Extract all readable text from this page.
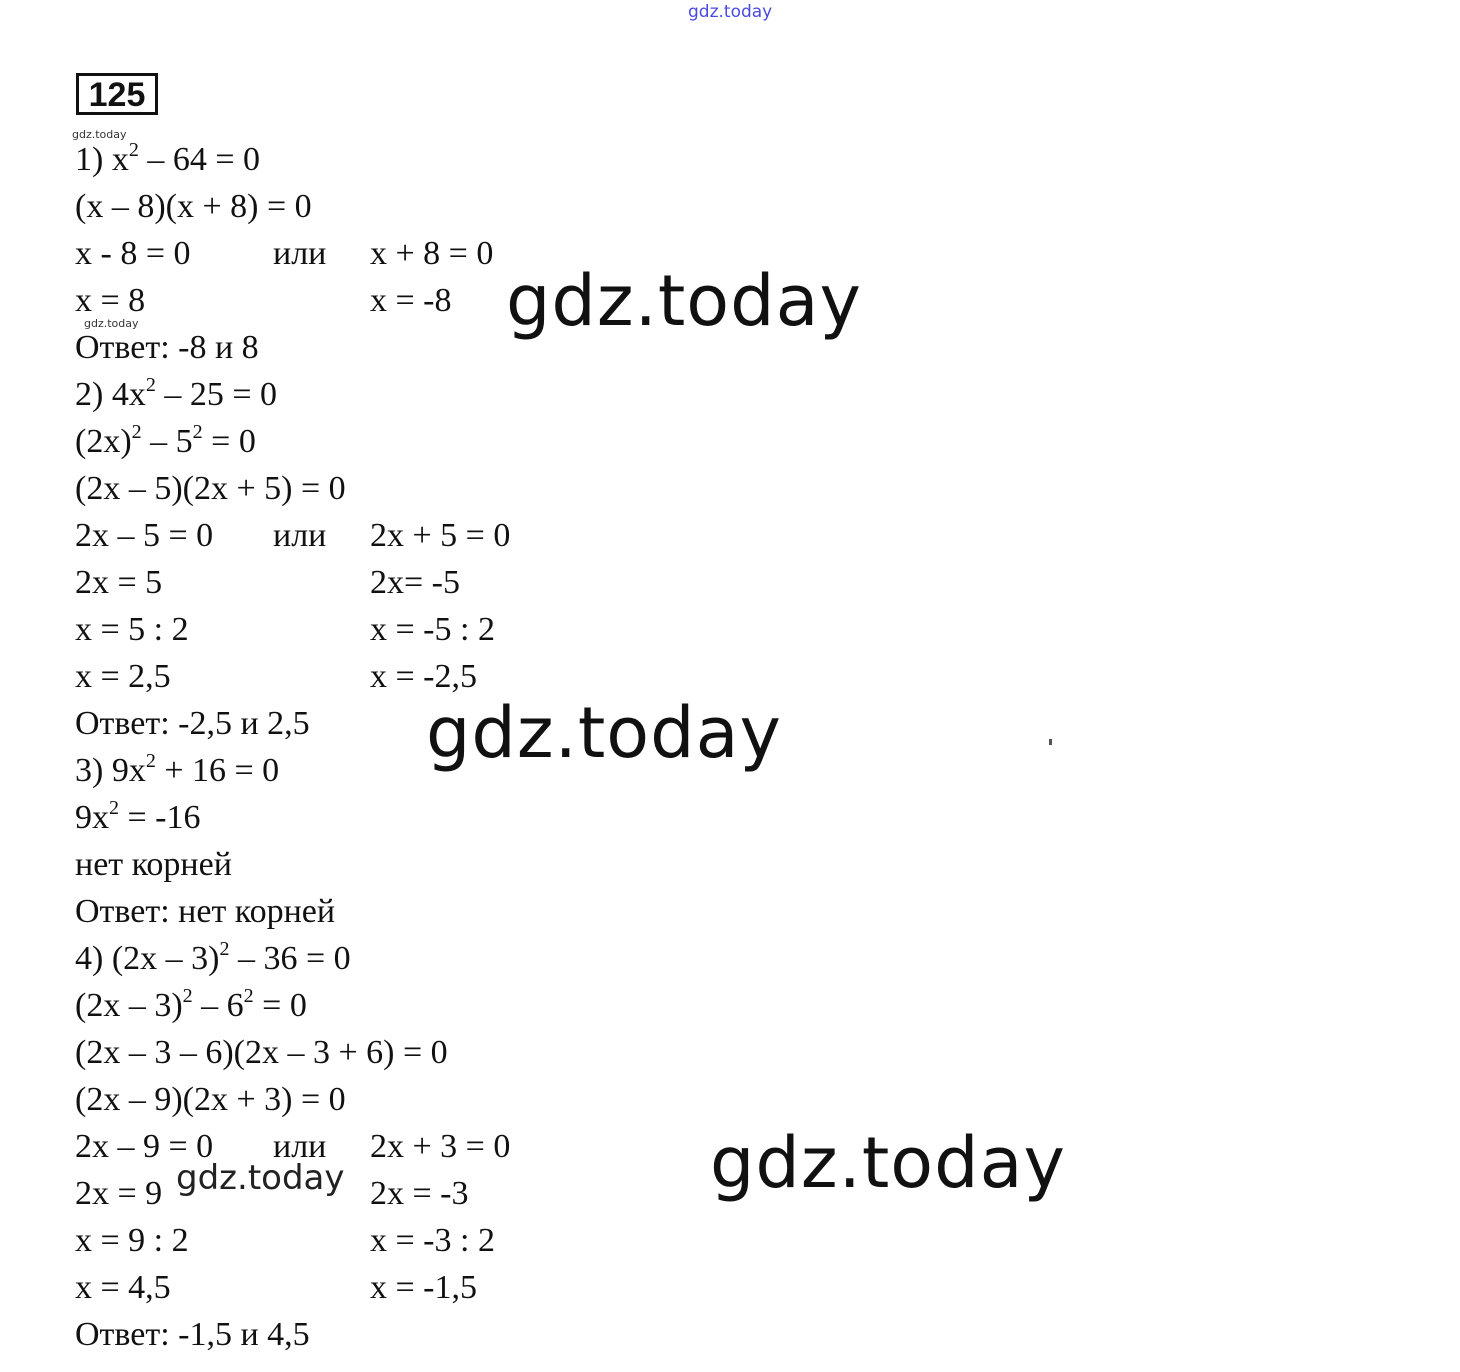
gdz.today
gdz.today
gdz.today	gdz.today
gdz.today
gdz.today
gdz.today
125
1) $x^2 - 64 = 0$
(x – 8)(x + 8) = 0
x - 8 = 0 или x + 8 = 0
x = 8	x = -8
Ответ: -8 и 8
2) $4x^2 - 25 = 0$
$(2x)^2 - 5^2 = 0$
(2x – 5)(2x + 5) = 0
2x – 5 = 0 или 2x + 5 = 0
2x = 5	2x= -5
x = 5 : 2	x = -5 : 2
x = 2,5	x = -2,5
Ответ: -2,5 и 2,5
3) $9x^2 + 16 = 0$
$9x^2 = -16$
нет корней
Ответ: нет корней
4) (2x – 3)$^2$ – 36 = 0
$(2x - 3)^2 - 6^2 = 0$
(2x – 3 – 6)(2x – 3 + 6) = 0
(2x – 9)(2x + 3) = 0
2x – 9 = 0 или 2x + 3 = 0
2x = 9	2x = -3
x = 9 : 2	x = -3 : 2
x = 4,5	x = -1,5
Ответ: -1,5 и 4,5
